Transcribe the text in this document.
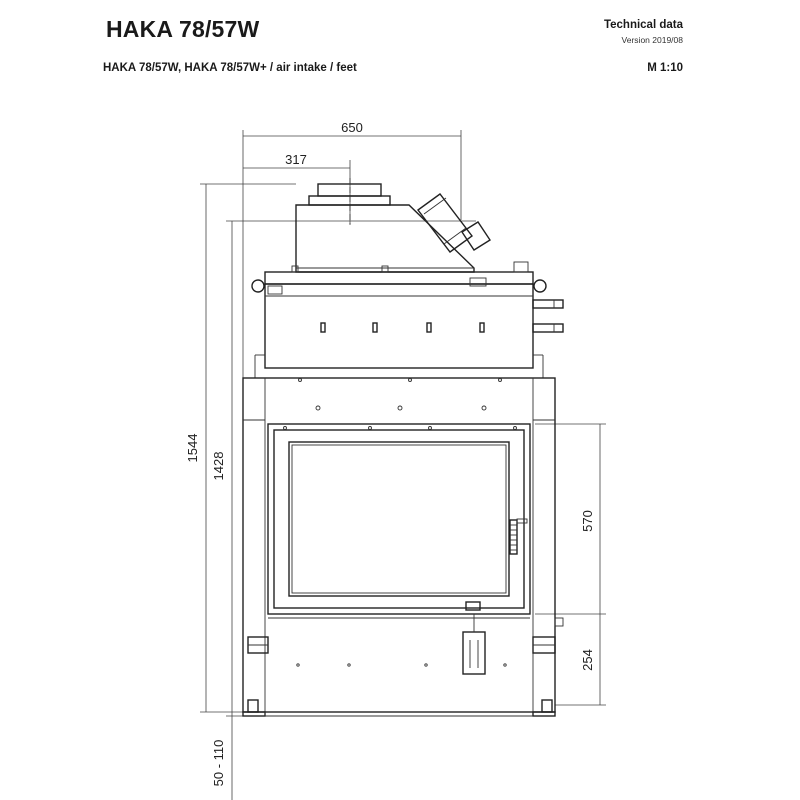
HAKA 78/57W
HAKA 78/57W, HAKA 78/57W+ / air intake / feet
Technical data
Version 2019/08
M 1:10
650
317
1544
1428
50 - 110
570
254
